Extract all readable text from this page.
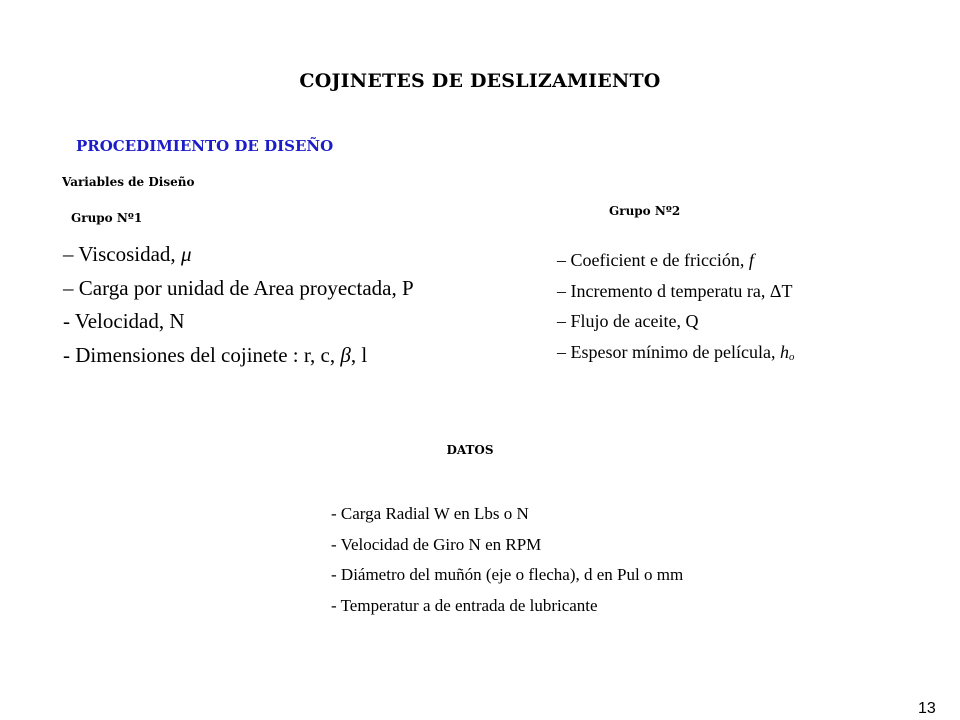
COJINETES DE DESLIZAMIENTO
PROCEDIMIENTO DE DISEÑO
Variables de Diseño
Grupo Nº1	Grupo Nº2
– Viscosidad, μ
– Carga por unidad de Area proyectada, P
- Velocidad, N
- Dimensiones del cojinete : r, c, β, l
– Coeficient e de fricción, f
– Incremento d temperatu ra, ΔT
– Flujo de aceite, Q
– Espesor mínimo de película, $h_o$
DATOS
- Carga Radial W en Lbs o N
- Velocidad de Giro N en RPM
- Diámetro del muñón (eje o flecha), d en Pul o mm
- Temperatur a de entrada de lubricante
13
